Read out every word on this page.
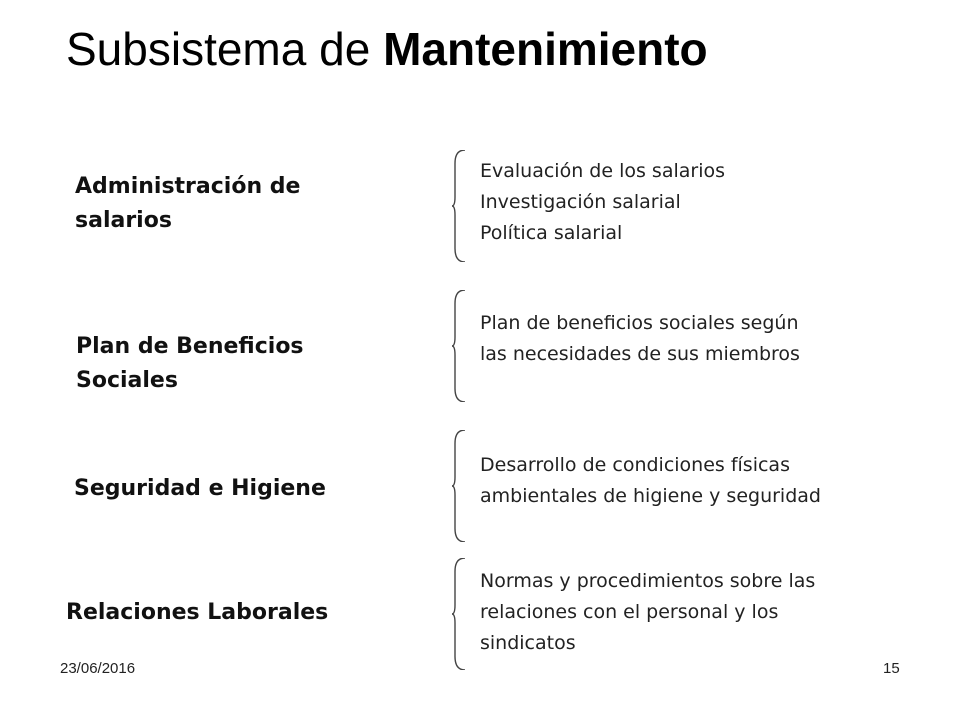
Subsistema de Mantenimiento
Administración de
salarios
Evaluación de los salarios
Investigación salarial
Política salarial
Plan de Beneficios
Sociales
Plan de beneficios sociales según
las necesidades de sus miembros
Seguridad e Higiene
Desarrollo de condiciones físicas
ambientales de higiene y seguridad
Relaciones Laborales
Normas y procedimientos sobre las
relaciones con el personal y los
sindicatos
23/06/2016	15
